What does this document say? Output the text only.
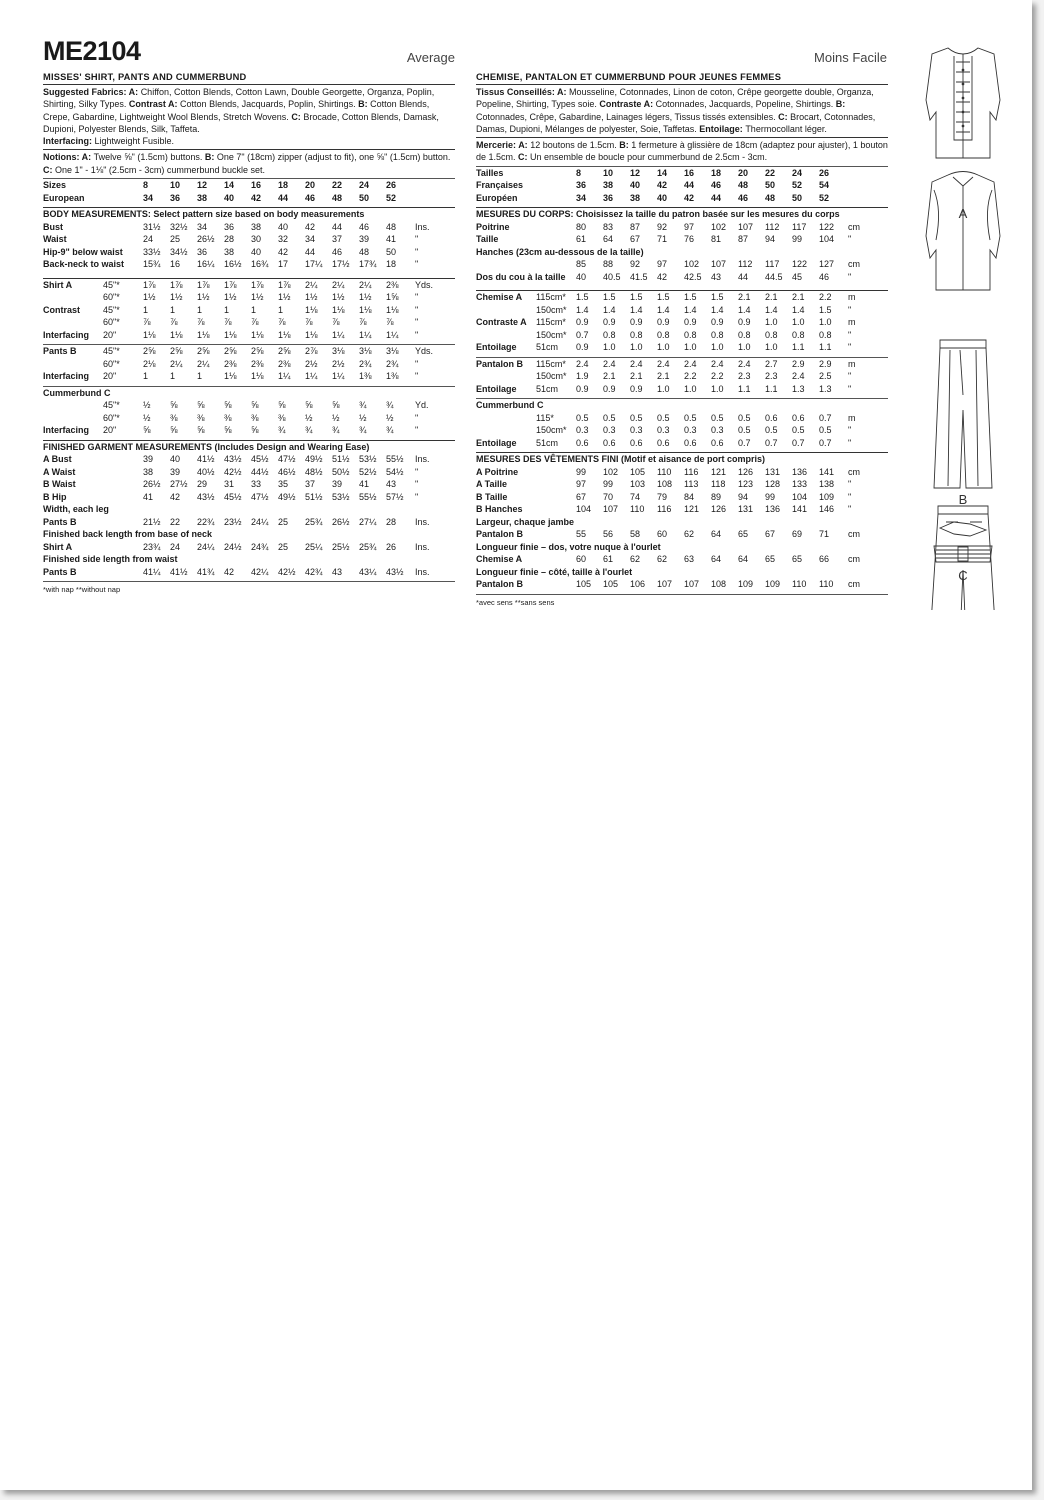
ME2104	Average	Moins Facile
MISSES' SHIRT, PANTS AND CUMMERBUND
Suggested Fabrics: A: Chiffon, Cotton Blends, Cotton Lawn, Double Georgette, Organza, Poplin, Shirting, Silky Types. Contrast A: Cotton Blends, Jacquards, Poplin, Shirtings. B: Cotton Blends, Crepe, Gabardine, Lightweight Wool Blends, Stretch Wovens. C: Brocade, Cotton Blends, Damask, Dupioni, Polyester Blends, Silk, Taffeta.
Interfacing: Lightweight Fusible.
Notions: A: Twelve ⅝" (1.5cm) buttons. B: One 7" (18cm) zipper (adjust to fit), one ⅝" (1.5cm) button. C: One 1" - 1⅛" (2.5cm - 3cm) cummerbund buckle set.
Sizes	8	10	12	14	16	18	20	22	24	26
European	34	36	38	40	42	44	46	48	50	52
BODY MEASUREMENTS: Select pattern size based on body measurements
Bust	31½	32½	34	36	38	40	42	44	46	48	Ins.
Waist	24	25	26½	28	30	32	34	37	39	41	"
Hip-9" below waist 33½	34½	36	38	40	42	44	46	48	50	"
Back-neck to waist 15¾	16	16¼	16½	16¾	17	17¼	17½	17¾	18	"
Shirt A	45"*	1⅞	1⅞	1⅞	1⅞	1⅞	1⅞	2¼	2¼	2¼	2⅜	Yds.
60"*	1½	1½	1½	1½	1½	1½	1½	1½	1½	1⅝	"
Contrast	45"*	1	1	1	1	1	1	1⅛	1⅛	1⅛	1⅛	"
60"*	⅞	⅞	⅞	⅞	⅞	⅞	⅞	⅞	⅞	⅞	"
Interfacing 20"	1⅛	1⅛	1⅛	1⅛	1⅛	1⅛	1⅛	1¼	1¼	1¼	"
Pants B	45"*	2⅝	2⅝	2⅝	2⅝	2⅝	2⅝	2⅞	3⅛	3⅛	3⅛	Yds.
60"*	2⅛	2¼	2¼	2⅜	2⅜	2⅜	2½	2½	2¾	2¾	"
Interfacing 20"	1	1	1	1⅛	1⅛	1¼	1¼	1¼	1⅜	1⅜	"
Cummerbund C
45"*	½	⅝	⅝	⅝	⅝	⅝	⅝	⅝	¾	¾	Yd.
60"*	½	⅜	⅜	⅜	⅜	⅜	½	½	½	½	"
Interfacing 20"	⅝	⅝	⅝	⅝	⅝	¾	¾	¾	¾	¾	"
FINISHED GARMENT MEASUREMENTS (Includes Design and Wearing Ease)
A Bust	39	40	41½	43½	45½	47½	49½	51½	53½	55½	Ins.
A Waist	38	39	40½	42½	44½	46½	48½	50½	52½	54½	"
B Waist	26½	27½	29	31	33	35	37	39	41	43	"
B Hip	41	42	43½	45½	47½	49½	51½	53½	55½	57½	"
Width, each leg
Pants B	21½	22	22¾	23½	24¼	25	25¾	26½	27¼	28	Ins.
Finished back length from base of neck
Shirt A	23¾	24	24¼	24½	24¾	25	25¼	25½	25¾	26	Ins.
Finished side length from waist
Pants B	41¼	41½	41¾	42	42¼	42½	42¾	43	43¼	43½	Ins.
*with nap **without nap
CHEMISE, PANTALON ET CUMMERBUND POUR JEUNES FEMMES
Tissus Conseillés: A: Mousseline, Cotonnades, Linon de coton, Crêpe georgette double, Organza, Popeline, Shirting, Types soie. Contraste A: Cotonnades, Jacquards, Popeline, Shirtings. B: Cotonnades, Crêpe, Gabardine, Lainages légers, Tissus tissés extensibles. C: Brocart, Cotonnades, Damas, Dupioni, Mélanges de polyester, Soie, Taffetas. Entoilage: Thermocollant léger.
Mercerie: A: 12 boutons de 1.5cm. B: 1 fermeture à glissière de 18cm (adaptez pour ajuster), 1 bouton de 1.5cm. C: Un ensemble de boucle pour cummerbund de 2.5cm - 3cm.
Tailles	8	10	12	14	16	18	20	22	24	26
Françaises	36	38	40	42	44	46	48	50	52	54
Européen	34	36	38	40	42	44	46	48	50	52
MESURES DU CORPS: Choisissez la taille du patron basée sur les mesures du corps
Poitrine	80	83	87	92	97	102	107	112	117	122	cm
Taille	61	64	67	71	76	81	87	94	99	104	"
Hanches (23cm au-dessous de la taille)
85	88	92	97	102	107	112	117	122	127	cm
Dos du cou à la taille 40	40.5	41.5	42	42.5	43	44	44.5	45	46	"
Chemise A 115cm* 1.5	1.5	1.5	1.5	1.5	1.5	2.1	2.1	2.1	2.2	m
150cm* 1.4	1.4	1.4	1.4	1.4	1.4	1.4	1.4	1.4	1.5	"
Contraste A 115cm* 0.9	0.9	0.9	0.9	0.9	0.9	0.9	1.0	1.0	1.0	m
150cm* 0.7	0.8	0.8	0.8	0.8	0.8	0.8	0.8	0.8	0.8	"
Entoilage 51cm 0.9	1.0	1.0	1.0	1.0	1.0	1.0	1.0	1.1	1.1	"
Pantalon B 115cm* 2.4	2.4	2.4	2.4	2.4	2.4	2.4	2.7	2.9	2.9	m
150cm* 1.9	2.1	2.1	2.1	2.2	2.2	2.3	2.3	2.4	2.5	"
Entoilage 51cm 0.9	0.9	0.9	1.0	1.0	1.0	1.1	1.1	1.3	1.3	"
Cummerbund C
115* 0.5	0.5	0.5	0.5	0.5	0.5	0.5	0.6	0.6	0.7	m
150cm* 0.3	0.3	0.3	0.3	0.3	0.3	0.5	0.5	0.5	0.5	"
Entoilage 51cm 0.6	0.6	0.6	0.6	0.6	0.6	0.7	0.7	0.7	0.7	"
MESURES DES VÊTEMENTS FINI (Motif et aisance de port compris)
A Poitrine	99	102	105	110	116	121	126	131	136	141	cm
A Taille	97	99	103	108	113	118	123	128	133	138	"
B Taille	67	70	74	79	84	89	94	99	104	109	"
B Hanches	104	107	110	116	121	126	131	136	141	146	"
Largeur, chaque jambe
Pantalon B	55	56	58	60	62	64	65	67	69	71	cm
Longueur finie – dos, votre nuque à l'ourlet
Chemise A	60	61	62	62	63	64	64	65	65	66	cm
Longueur finie – côté, taille à l'ourlet
Pantalon B	105	105	106	107	107	108	109	109	110	110	cm
*avec sens **sans sens
A
B
C
